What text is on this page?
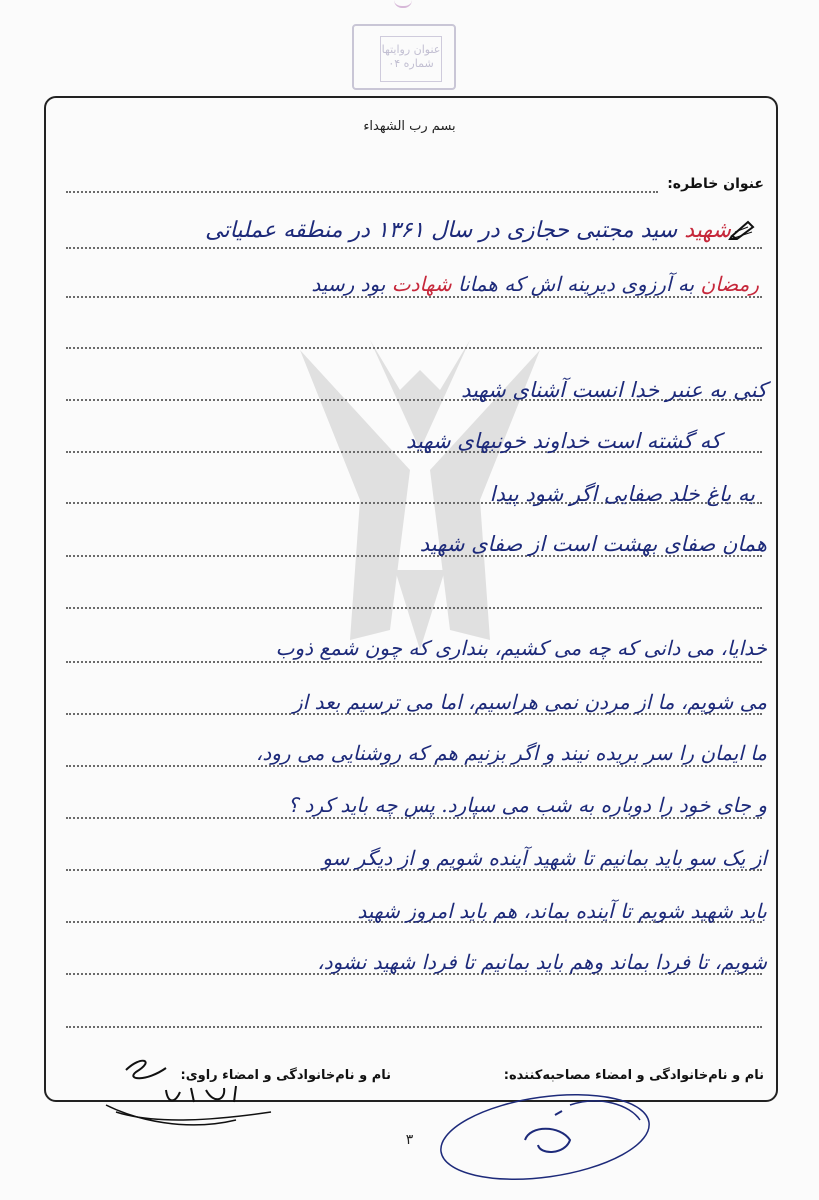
عنوان روایتها
۰۴ شماره
بسم رب الشهداء
عنوان خاطره:
شهید سید مجتبی حجازی در سال ۱۳۶۱ در منطقه عملیاتی
رمضان به آرزوی دیرینه اش که همانا شهادت بود رسید
کنی به عنبر خدا انست آشنای شهید
که گشته است خداوند خونبهای شهید
به باغ خلد صفایی اگر شود پیدا
همان صفای بهشت است از صفای شهید
خدایا، می دانی که چه می کشیم، بنداری که چون شمع ذوب
می شویم، ما از مردن نمی هراسیم، اما می ترسیم بعد از
ما ایمان را سر بریده نیند و اگر بزنیم هم که روشنایی می رود،
و جای خود را دوباره به شب می سپارد. پس چه باید کرد ؟
از یک سو باید بمانیم تا شهید آینده شویم و از دیگر سو
باید شهید شویم تا آینده بماند، هم باید امروز شهید
شویم، تا فردا بماند وهم باید بمانیم تا فردا شهید نشود،
نام و نام‌خانوادگی و امضاء مصاحبه‌کننده:
نام و نام‌خانوادگی و امضاء راوی:
۳
